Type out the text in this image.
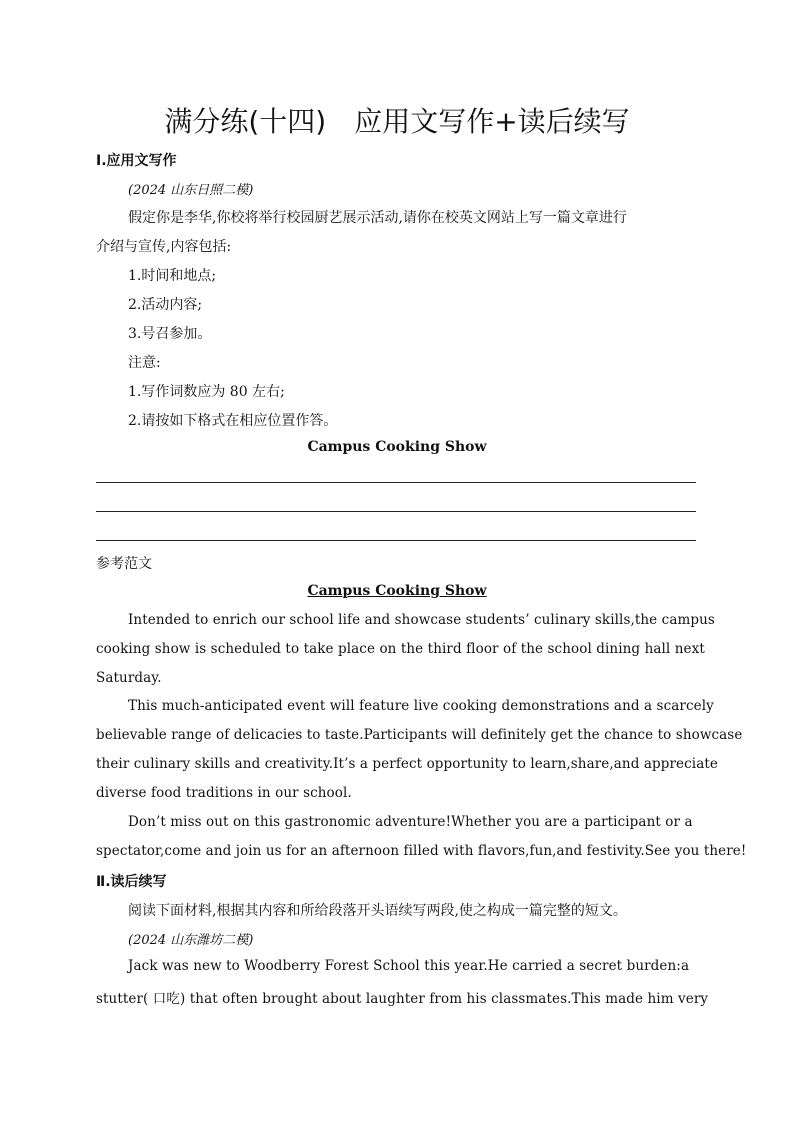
满分练(十四) 应用文写作+读后续写
Ⅰ.应用文写作
(2024 山东日照二模)
假定你是李华,你校将举行校园厨艺展示活动,请你在校英文网站上写一篇文章进行
介绍与宣传,内容包括:
1.时间和地点;
2.活动内容;
3.号召参加。
注意:
1.写作词数应为 80 左右;
2.请按如下格式在相应位置作答。
Campus Cooking Show
参考范文
Campus Cooking Show
Intended to enrich our school life and showcase students’ culinary skills,the campus
cooking show is scheduled to take place on the third floor of the school dining hall next
Saturday.
This much-anticipated event will feature live cooking demonstrations and a scarcely
believable range of delicacies to taste.Participants will definitely get the chance to showcase
their culinary skills and creativity.It’s a perfect opportunity to learn,share,and appreciate
diverse food traditions in our school.
Don’t miss out on this gastronomic adventure!Whether you are a participant or a
spectator,come and join us for an afternoon filled with flavors,fun,and festivity.See you there!
Ⅱ.读后续写
阅读下面材料,根据其内容和所给段落开头语续写两段,使之构成一篇完整的短文。
(2024 山东潍坊二模)
Jack was new to Woodberry Forest School this year.He carried a secret burden:a
stutter( 口吃) that often brought about laughter from his classmates.This made him very
